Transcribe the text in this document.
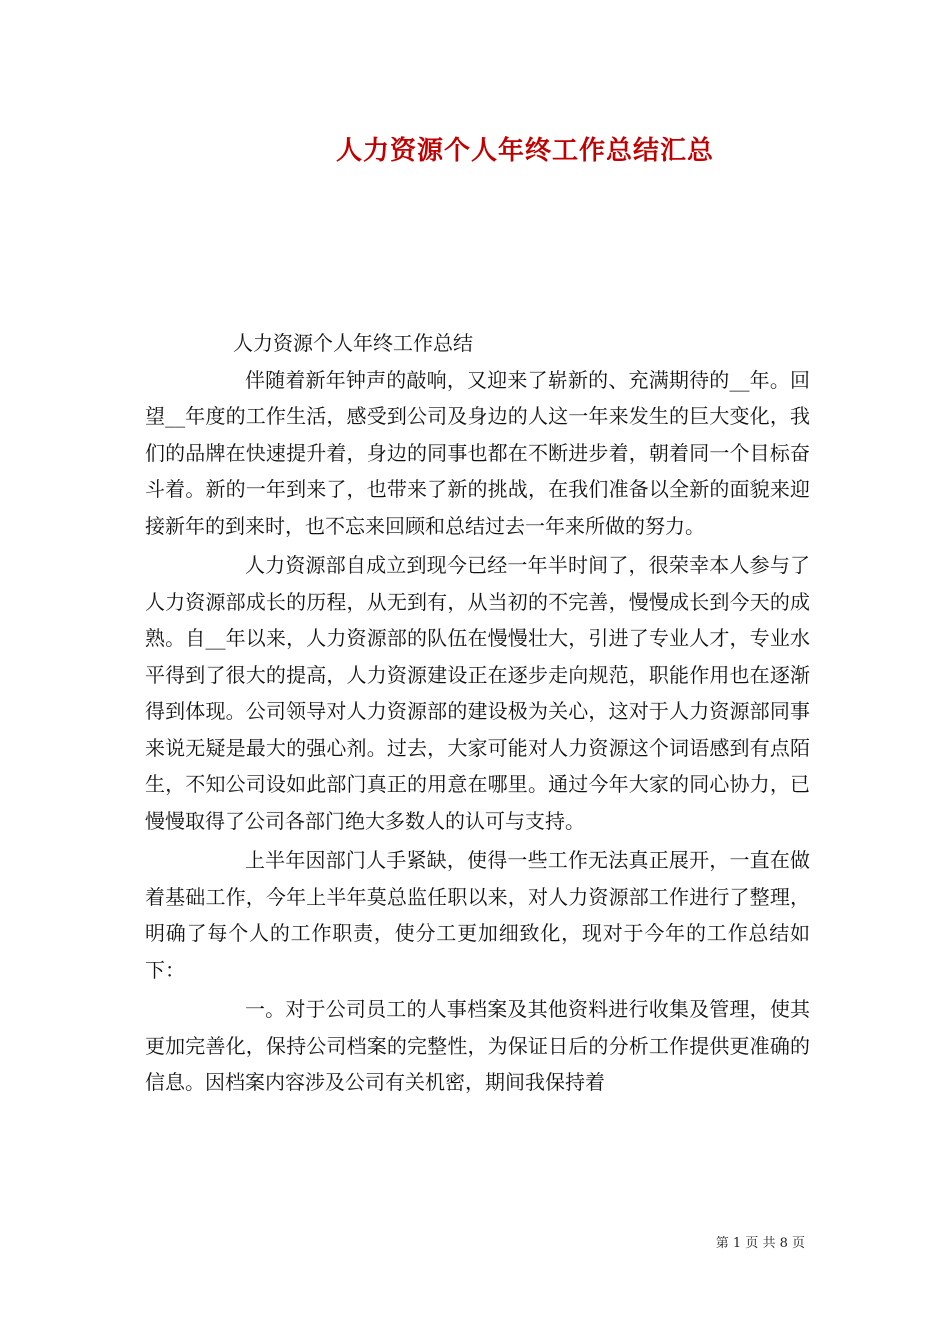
人力资源个人年终工作总结汇总
人力资源个人年终工作总结

伴随着新年钟声的敲响，又迎来了崭新的、充满期待的__年。回望__年度的工作生活，感受到公司及身边的人这一年来发生的巨大变化，我们的品牌在快速提升着，身边的同事也都在不断进步着，朝着同一个目标奋斗着。新的一年到来了，也带来了新的挑战，在我们准备以全新的面貌来迎接新年的到来时，也不忘来回顾和总结过去一年来所做的努力。

人力资源部自成立到现今已经一年半时间了，很荣幸本人参与了人力资源部成长的历程，从无到有，从当初的不完善，慢慢成长到今天的成熟。自__年以来，人力资源部的队伍在慢慢壮大，引进了专业人才，专业水平得到了很大的提高，人力资源建设正在逐步走向规范，职能作用也在逐渐得到体现。公司领导对人力资源部的建设极为关心，这对于人力资源部同事来说无疑是最大的强心剂。过去，大家可能对人力资源这个词语感到有点陌生，不知公司设如此部门真正的用意在哪里。通过今年大家的同心协力，已慢慢取得了公司各部门绝大多数人的认可与支持。

上半年因部门人手紧缺，使得一些工作无法真正展开，一直在做着基础工作，今年上半年莫总监任职以来，对人力资源部工作进行了整理，明确了每个人的工作职责，使分工更加细致化，现对于今年的工作总结如下：

一。对于公司员工的人事档案及其他资料进行收集及管理，使其更加完善化，保持公司档案的完整性，为保证日后的分析工作提供更准确的信息。因档案内容涉及公司有关机密，期间我保持着

第 1 页 共 8 页
